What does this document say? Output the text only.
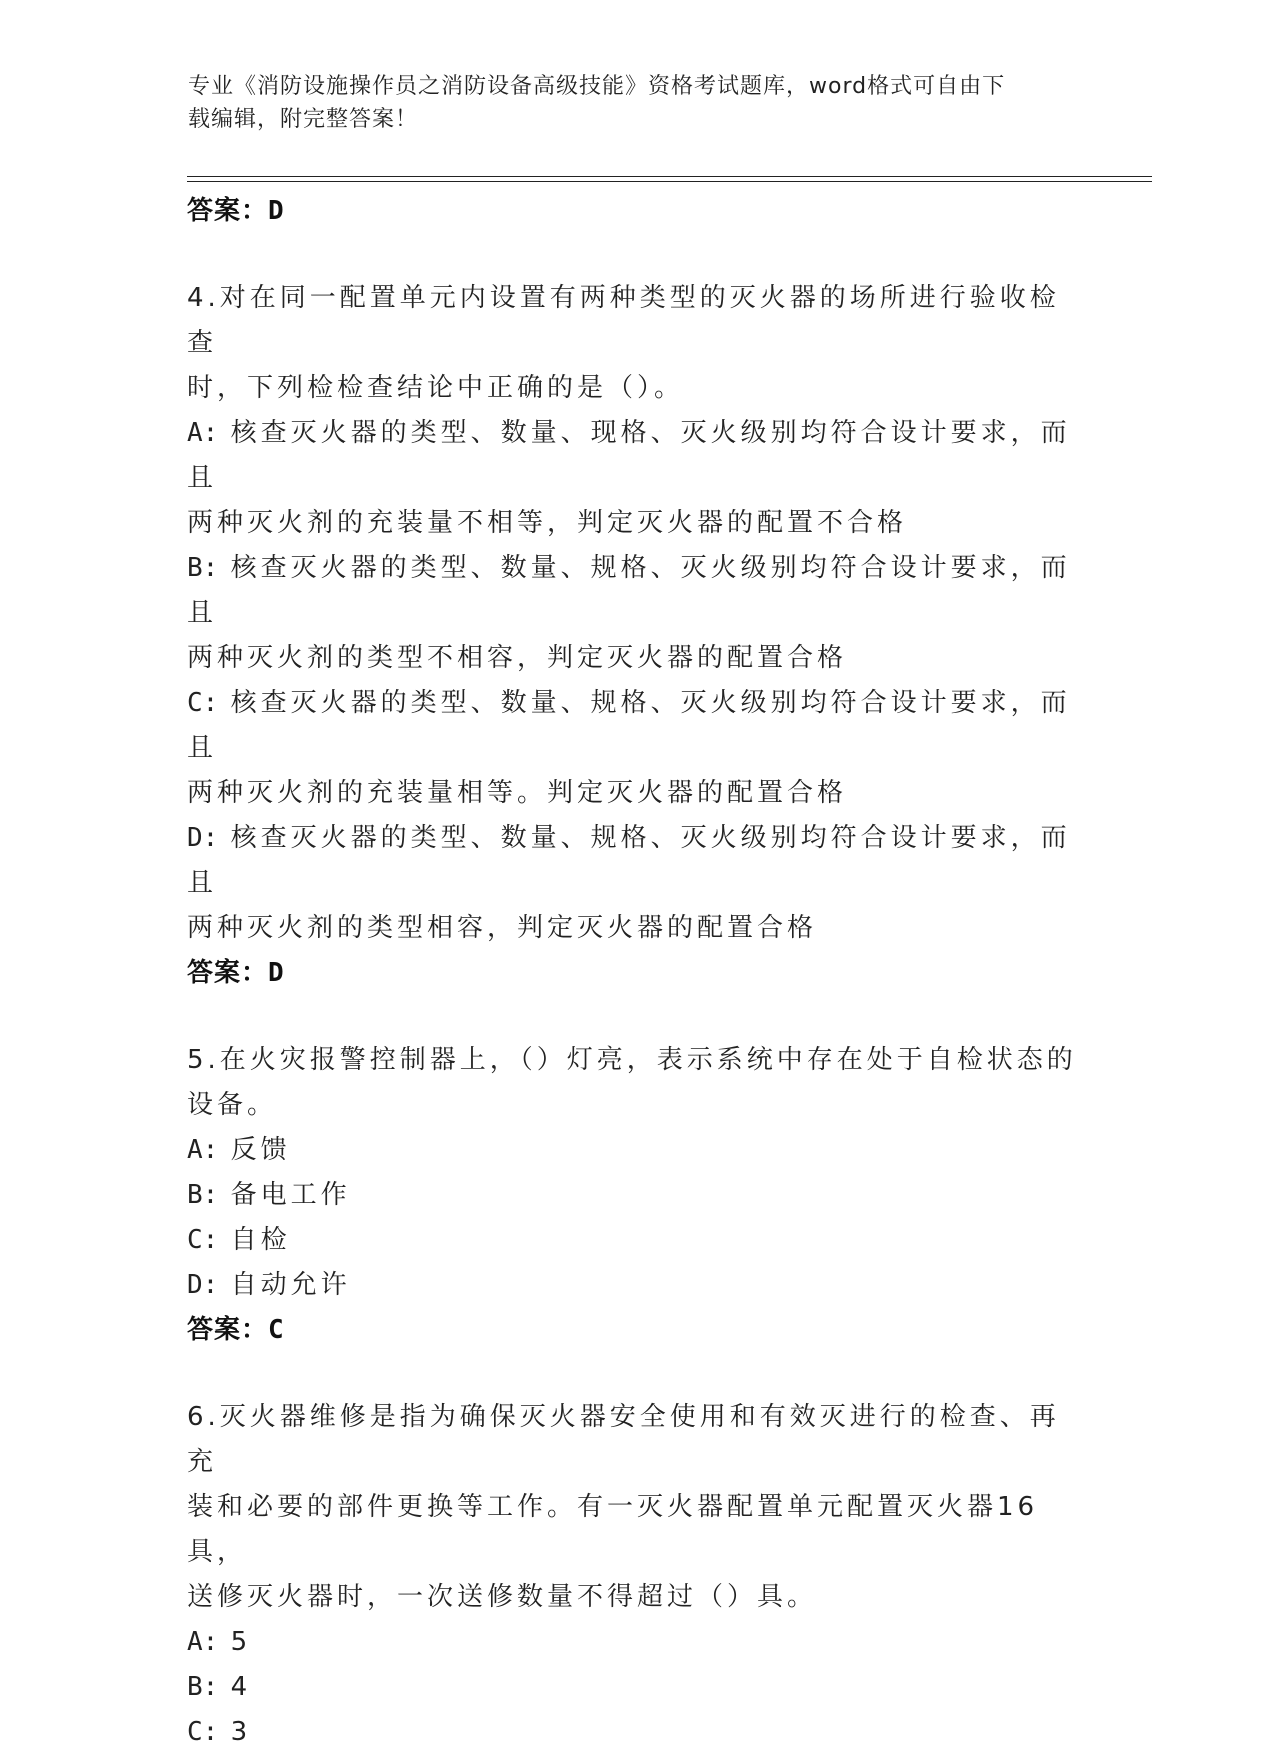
专业《消防设施操作员之消防设备高级技能》资格考试题库，word格式可自由下
载编辑，附完整答案！
答案：D

4.对在同一配置单元内设置有两种类型的灭火器的场所进行验收检查

时，下列检检查结论中正确的是（）。

A: 核查灭火器的类型、数量、现格、灭火级别均符合设计要求，而且

两种灭火剂的充装量不相等，判定灭火器的配置不合格

B: 核查灭火器的类型、数量、规格、灭火级别均符合设计要求，而且

两种灭火剂的类型不相容，判定灭火器的配置合格

C: 核查灭火器的类型、数量、规格、灭火级别均符合设计要求，而且

两种灭火剂的充装量相等。判定灭火器的配置合格

D: 核查灭火器的类型、数量、规格、灭火级别均符合设计要求，而且

两种灭火剂的类型相容，判定灭火器的配置合格

答案：D

5.在火灾报警控制器上，（）灯亮，表示系统中存在处于自检状态的

设备。

A: 反馈

B: 备电工作

C: 自检

D: 自动允许

答案：C

6.灭火器维修是指为确保灭火器安全使用和有效灭进行的检查、再充

装和必要的部件更换等工作。有一灭火器配置单元配置灭火器16具，

送修灭火器时，一次送修数量不得超过（）具。

A: 5

B: 4

C: 3
